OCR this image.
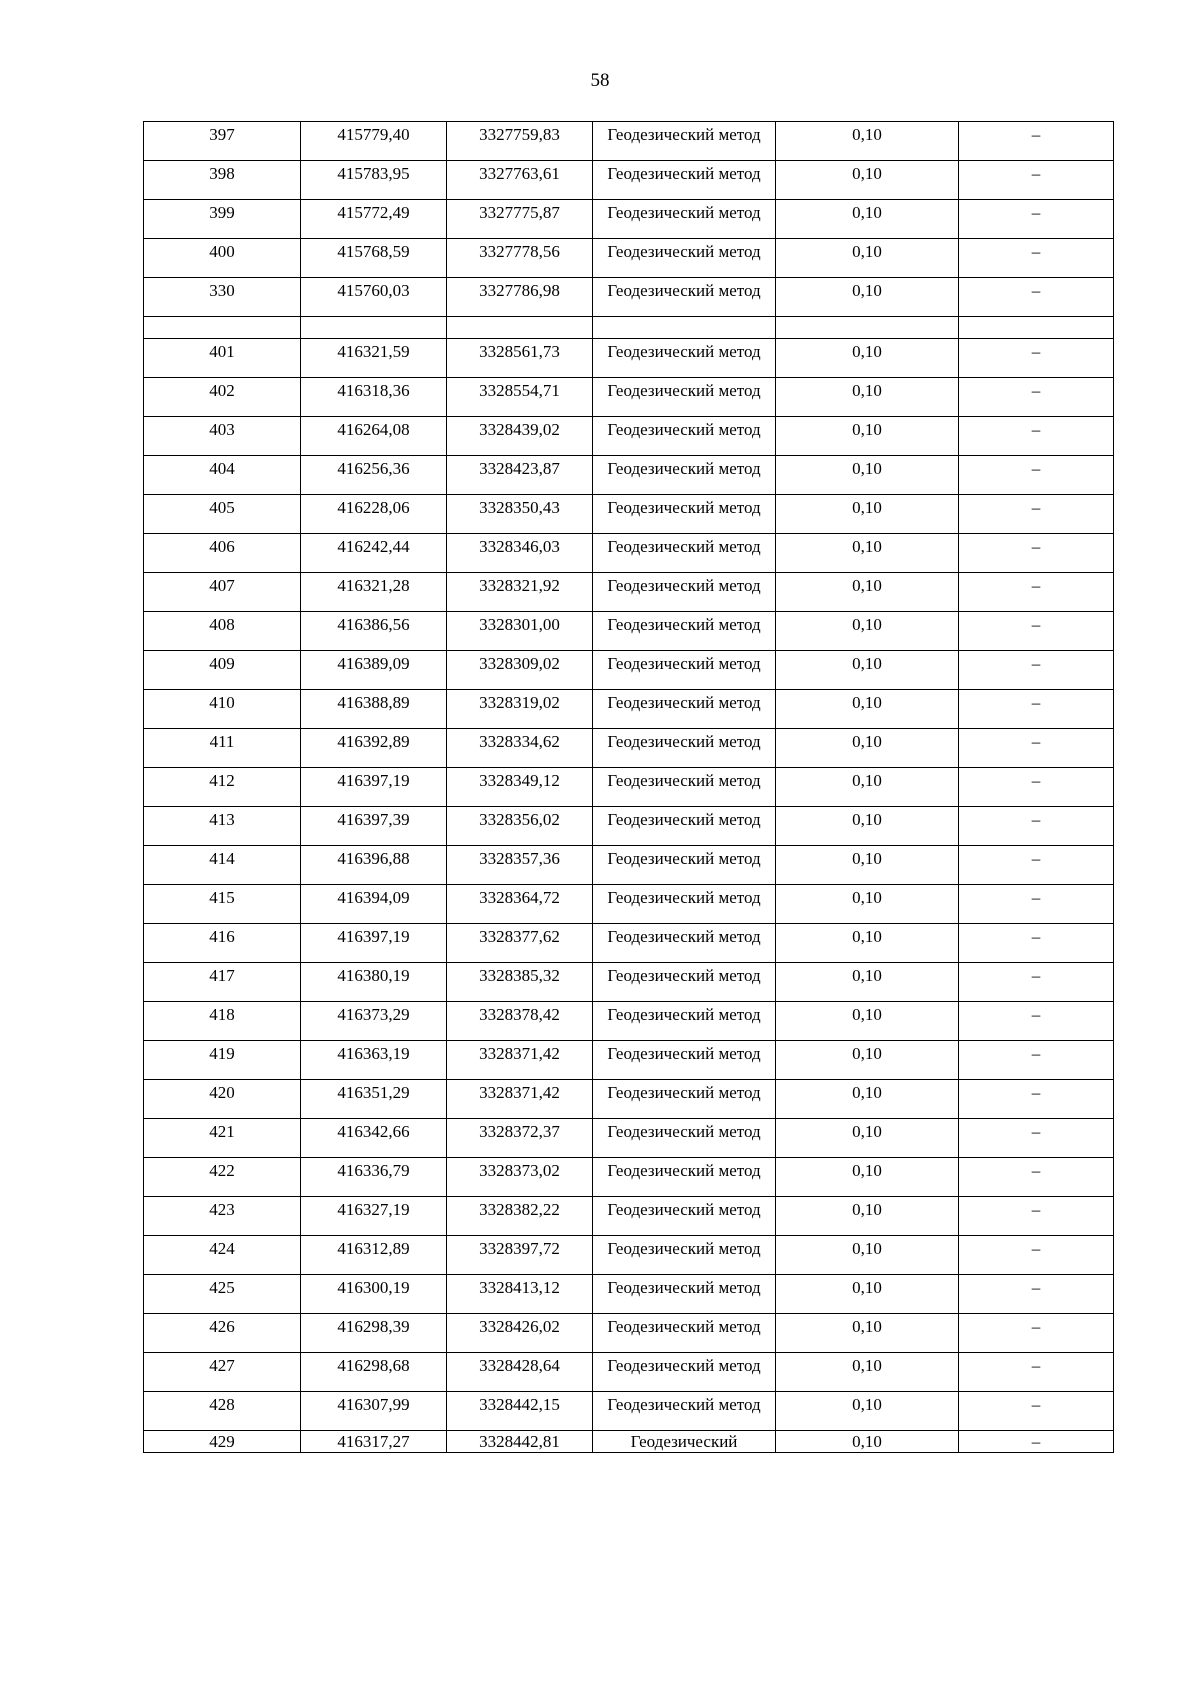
58
397	415779,40	3327759,83	Геодезический метод	0,10	–
398	415783,95	3327763,61	Геодезический метод	0,10	–
399	415772,49	3327775,87	Геодезический метод	0,10	–
400	415768,59	3327778,56	Геодезический метод	0,10	–
330	415760,03	3327786,98	Геодезический метод	0,10	–

401	416321,59	3328561,73	Геодезический метод	0,10	–
402	416318,36	3328554,71	Геодезический метод	0,10	–
403	416264,08	3328439,02	Геодезический метод	0,10	–
404	416256,36	3328423,87	Геодезический метод	0,10	–
405	416228,06	3328350,43	Геодезический метод	0,10	–
406	416242,44	3328346,03	Геодезический метод	0,10	–
407	416321,28	3328321,92	Геодезический метод	0,10	–
408	416386,56	3328301,00	Геодезический метод	0,10	–
409	416389,09	3328309,02	Геодезический метод	0,10	–
410	416388,89	3328319,02	Геодезический метод	0,10	–
411	416392,89	3328334,62	Геодезический метод	0,10	–
412	416397,19	3328349,12	Геодезический метод	0,10	–
413	416397,39	3328356,02	Геодезический метод	0,10	–
414	416396,88	3328357,36	Геодезический метод	0,10	–
415	416394,09	3328364,72	Геодезический метод	0,10	–
416	416397,19	3328377,62	Геодезический метод	0,10	–
417	416380,19	3328385,32	Геодезический метод	0,10	–
418	416373,29	3328378,42	Геодезический метод	0,10	–
419	416363,19	3328371,42	Геодезический метод	0,10	–
420	416351,29	3328371,42	Геодезический метод	0,10	–
421	416342,66	3328372,37	Геодезический метод	0,10	–
422	416336,79	3328373,02	Геодезический метод	0,10	–
423	416327,19	3328382,22	Геодезический метод	0,10	–
424	416312,89	3328397,72	Геодезический метод	0,10	–
425	416300,19	3328413,12	Геодезический метод	0,10	–
426	416298,39	3328426,02	Геодезический метод	0,10	–
427	416298,68	3328428,64	Геодезический метод	0,10	–
428	416307,99	3328442,15	Геодезический метод	0,10	–
429	416317,27	3328442,81	Геодезический	0,10	–
